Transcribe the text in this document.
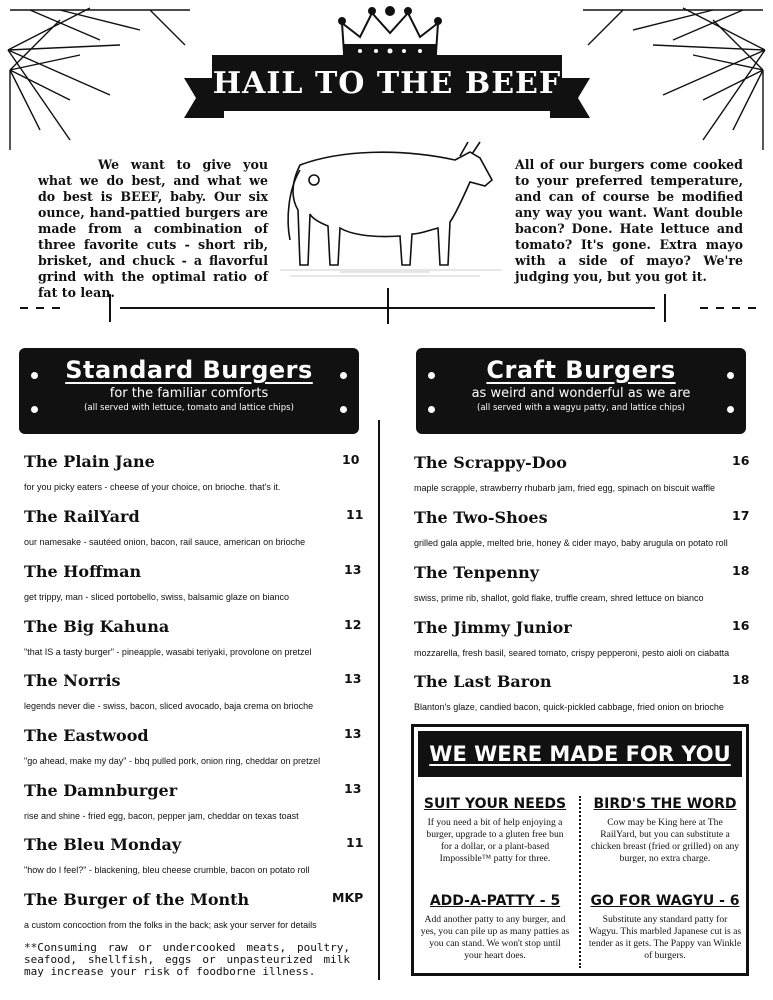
HAIL TO THE BEEF
We want to give you what we do best, and what we do best is BEEF, baby. Our six ounce, hand-pattied burgers are made from a combination of three favorite cuts - short rib, brisket, and chuck - a flavorful grind with the optimal ratio of fat to lean.
All of our burgers come cooked to your preferred temperature, and can of course be modified any way you want. Want double bacon? Done. Hate lettuce and tomato? It's gone. Extra mayo with a side of mayo? We're judging you, but you got it.
Standard Burgers
for the familiar comforts
(all served with lettuce, tomato and lattice chips)
Craft Burgers
as weird and wonderful as we are
(all served with a wagyu patty, and lattice chips)
The Plain Jane	10
for you picky eaters - cheese of your choice, on brioche. that's it.
The RailYard	11
our namesake - sautéed onion, bacon, rail sauce, american on brioche
The Hoffman	13
get trippy, man - sliced portobello, swiss, balsamic glaze on bianco
The Big Kahuna	12
"that IS a tasty burger" - pineapple, wasabi teriyaki, provolone on pretzel
The Norris	13
legends never die - swiss, bacon, sliced avocado, baja crema on brioche
The Eastwood	13
"go ahead, make my day" - bbq pulled pork, onion ring, cheddar on pretzel
The Damnburger	13
rise and shine - fried egg, bacon, pepper jam, cheddar on texas toast
The Bleu Monday	11
"how do I feel?" - blackening, bleu cheese crumble, bacon on potato roll
The Burger of the Month	MKP
a custom concoction from the folks in the back; ask your server for details
**Consuming raw or undercooked meats, poultry, seafood, shellfish, eggs or unpasteurized milk may increase your risk of foodborne illness.
The Scrappy-Doo	16
maple scrapple, strawberry rhubarb jam, fried egg, spinach on biscuit waffle
The Two-Shoes	17
grilled gala apple, melted brie, honey & cider mayo, baby arugula on potato roll
The Tenpenny	18
swiss, prime rib, shallot, gold flake, truffle cream, shred lettuce on bianco
The Jimmy Junior	16
mozzarella, fresh basil, seared tomato, crispy pepperoni, pesto aioli on ciabatta
The Last Baron	18
Blanton's glaze, candied bacon, quick-pickled cabbage, fried onion on brioche
WE WERE MADE FOR YOU
SUIT YOUR NEEDS
If you need a bit of help enjoying a burger, upgrade to a gluten free bun for a dollar, or a plant-based Impossible™ patty for three.
BIRD'S THE WORD
Cow may be King here at The RailYard, but you can substitute a chicken breast (fried or grilled) on any burger, no extra charge.
ADD-A-PATTY - 5
Add another patty to any burger, and yes, you can pile up as many patties as you can stand. We won't stop until your heart does.
GO FOR WAGYU - 6
Substitute any standard patty for Wagyu. This marbled Japanese cut is as tender as it gets. The Pappy van Winkle of burgers.
